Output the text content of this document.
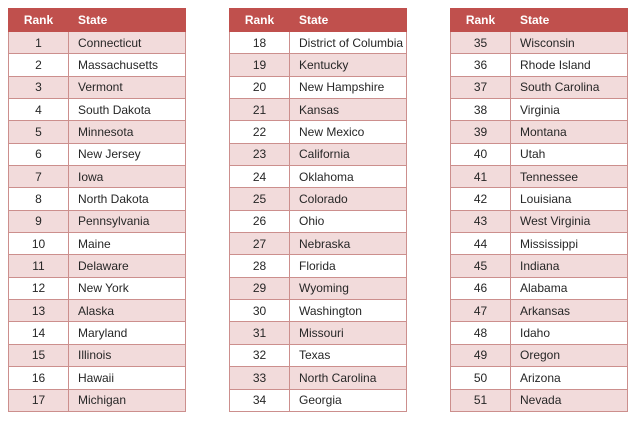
Rank	State
1	Connecticut
2	Massachusetts
3	Vermont
4	South Dakota
5	Minnesota
6	New Jersey
7	Iowa
8	North Dakota
9	Pennsylvania
10	Maine
11	Delaware
12	New York
13	Alaska
14	Maryland
15	Illinois
16	Hawaii
17	Michigan
Rank	State
18	District of Columbia
19	Kentucky
20	New Hampshire
21	Kansas
22	New Mexico
23	California
24	Oklahoma
25	Colorado
26	Ohio
27	Nebraska
28	Florida
29	Wyoming
30	Washington
31	Missouri
32	Texas
33	North Carolina
34	Georgia
Rank	State
35	Wisconsin
36	Rhode Island
37	South Carolina
38	Virginia
39	Montana
40	Utah
41	Tennessee
42	Louisiana
43	West Virginia
44	Mississippi
45	Indiana
46	Alabama
47	Arkansas
48	Idaho
49	Oregon
50	Arizona
51	Nevada
